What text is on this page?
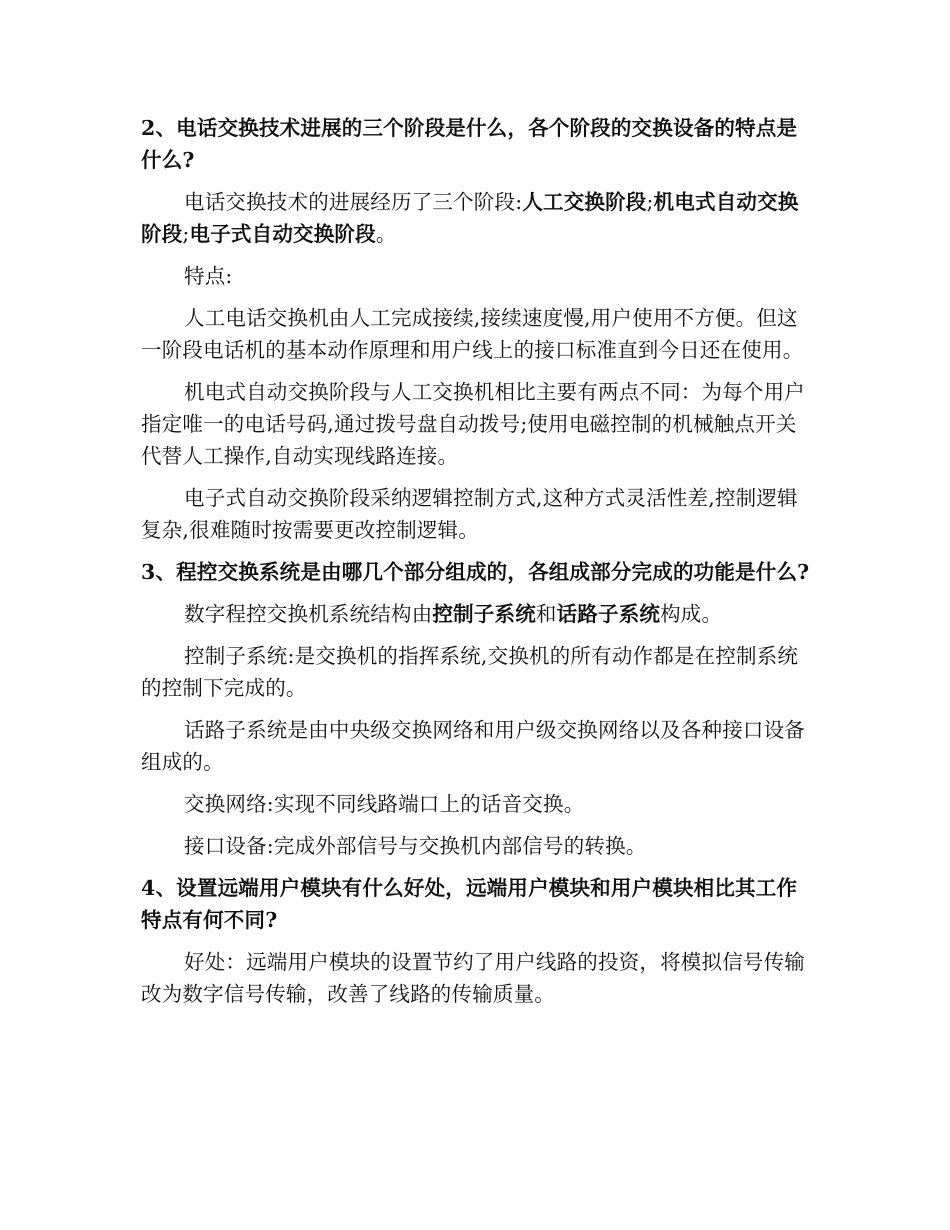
2、电话交换技术进展的三个阶段是什么，各个阶段的交换设备的特点是什么?
电话交换技术的进展经历了三个阶段:人工交换阶段;机电式自动交换阶段;电子式自动交换阶段。
特点:
人工电话交换机由人工完成接续,接续速度慢,用户使用不方便。但这一阶段电话机的基本动作原理和用户线上的接口标准直到今日还在使用。
机电式自动交换阶段与人工交换机相比主要有两点不同：为每个用户指定唯一的电话号码,通过拨号盘自动拨号;使用电磁控制的机械触点开关代替人工操作,自动实现线路连接。
电子式自动交换阶段采纳逻辑控制方式,这种方式灵活性差,控制逻辑复杂,很难随时按需要更改控制逻辑。
3、程控交换系统是由哪几个部分组成的，各组成部分完成的功能是什么?
数字程控交换机系统结构由控制子系统和话路子系统构成。
控制子系统:是交换机的指挥系统,交换机的所有动作都是在控制系统的控制下完成的。
话路子系统是由中央级交换网络和用户级交换网络以及各种接口设备组成的。
交换网络:实现不同线路端口上的话音交换。
接口设备:完成外部信号与交换机内部信号的转换。
4、设置远端用户模块有什么好处，远端用户模块和用户模块相比其工作特点有何不同?
好处：远端用户模块的设置节约了用户线路的投资，将模拟信号传输改为数字信号传输，改善了线路的传输质量。
